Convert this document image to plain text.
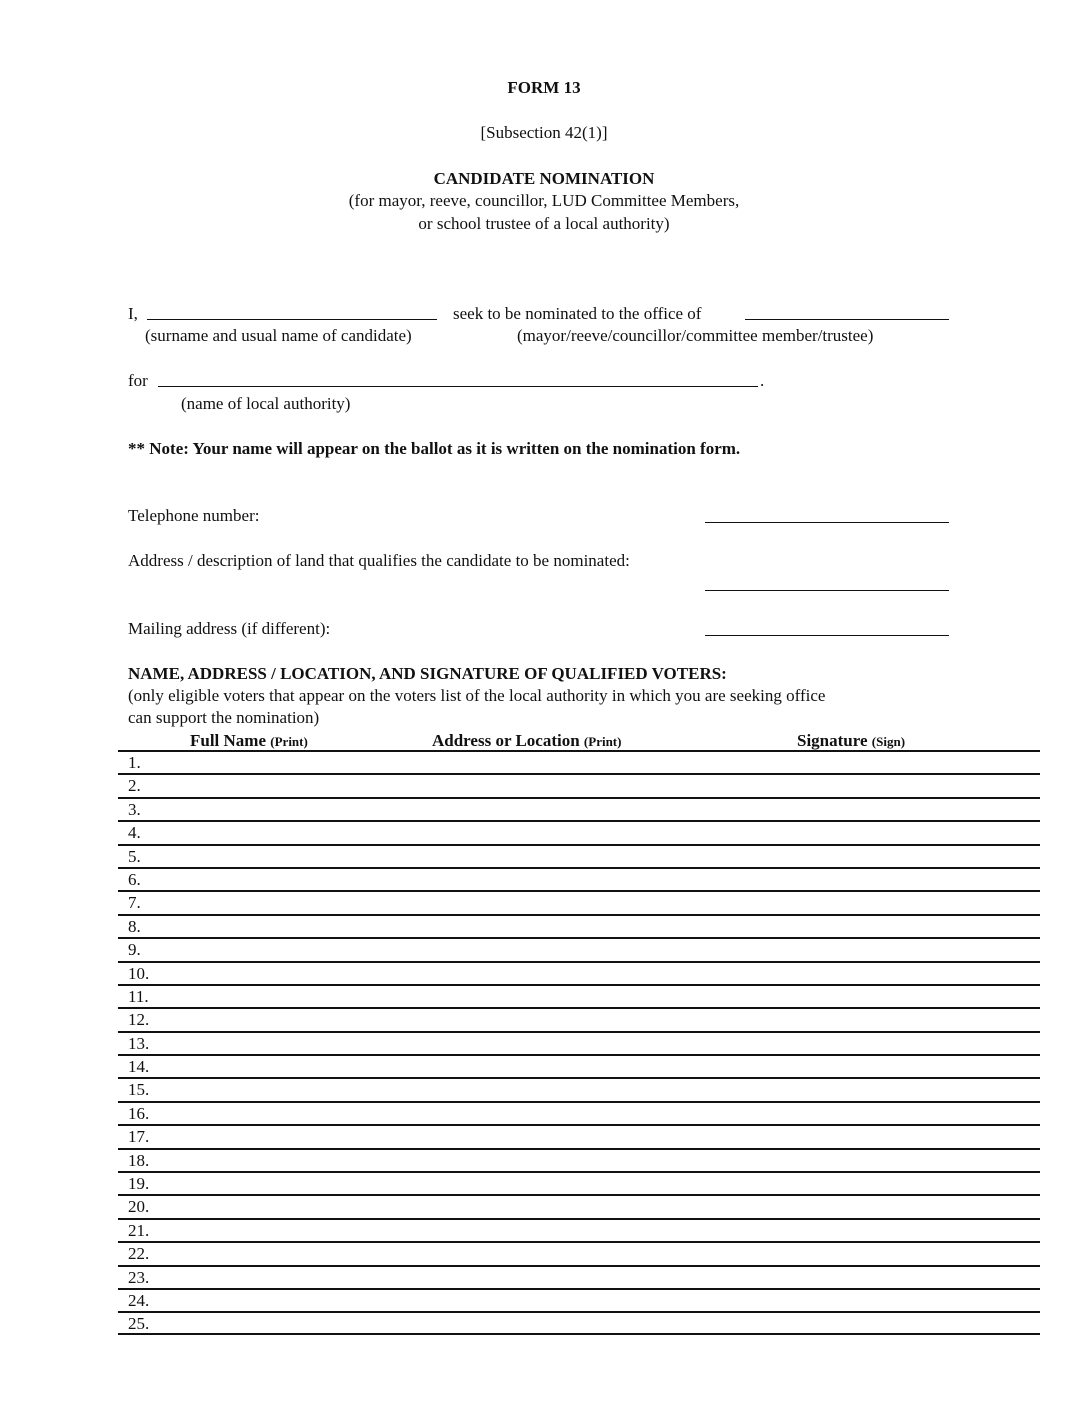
FORM 13
[Subsection 42(1)]
CANDIDATE NOMINATION
(for mayor, reeve, councillor, LUD Committee Members,
or school trustee of a local authority)
I,	seek to be nominated to the office of
(surname and usual name of candidate)	(mayor/reeve/councillor/committee member/trustee)
for	.
(name of local authority)
** Note: Your name will appear on the ballot as it is written on the nomination form.
Telephone number:
Address / description of land that qualifies the candidate to be nominated:
Mailing address (if different):
NAME, ADDRESS / LOCATION, AND SIGNATURE OF QUALIFIED VOTERS:
(only eligible voters that appear on the voters list of the local authority in which you are seeking office
can support the nomination)
Full Name (Print)	Address or Location (Print)	Signature (Sign)
1.
2.
3.
4.
5.
6.
7.
8.
9.
10.
11.
12.
13.
14.
15.
16.
17.
18.
19.
20.
21.
22.
23.
24.
25.
